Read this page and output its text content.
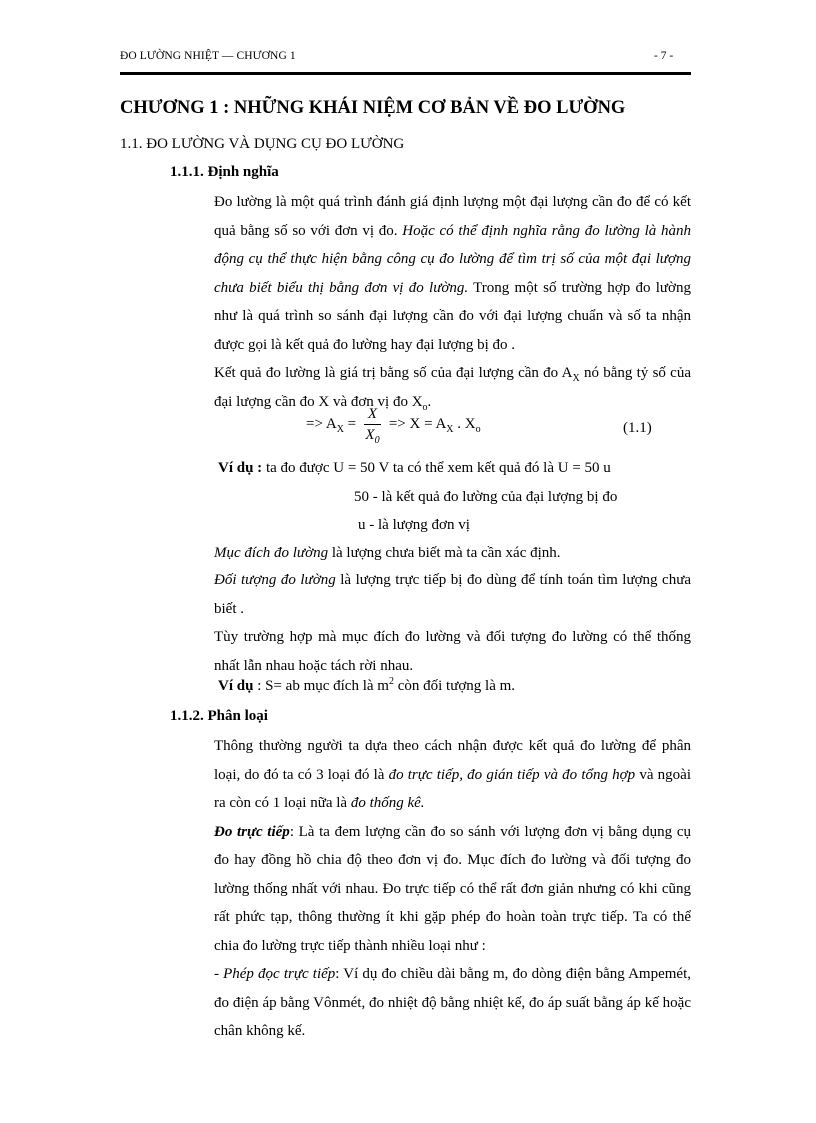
ĐO LƯỜNG NHIỆT — CHƯƠNG 1	- 7 -
CHƯƠNG 1 : NHỮNG KHÁI NIỆM CƠ BẢN VỀ ĐO LƯỜNG
1.1. ĐO LƯỜNG VÀ DỤNG CỤ ĐO LƯỜNG
1.1.1. Định nghĩa

Đo lường là một quá trình đánh giá định lượng một đại lượng cần đo để có kết quả bằng số so với đơn vị đo. Hoặc có thể định nghĩa rằng đo lường là hành động cụ thể thực hiện bằng công cụ đo lường để tìm trị số của một đại lượng chưa biết biểu thị bằng đơn vị đo lường. Trong một số trường hợp đo lường như là quá trình so sánh đại lượng cần đo với đại lượng chuẩn và số ta nhận được gọi là kết quả đo lường hay đại lượng bị đo .

Kết quả đo lường là giá trị bằng số của đại lượng cần đo $A_X$ nó bằng tỷ số của đại lượng cần đo X và đơn vị đo $X_o$.

=> $A_X = \frac{X}{X_0} => X = A_X$ . $X_o$	(1.1)
Ví dụ : ta đo được U = 50 V ta có thể xem kết quả đó là U = 50 u
50 - là kết quả đo lường của đại lượng bị đo
u - là lượng đơn vị
Mục đích đo lường là lượng chưa biết mà ta cần xác định.

Đối tượng đo lường là lượng trực tiếp bị đo dùng để tính toán tìm lượng chưa biết .

Tùy trường hợp mà mục đích đo lường và đối tượng đo lường có thể thống nhất lẫn nhau hoặc tách rời nhau.

Ví dụ : S= ab mục đích là $m^2$ còn đối tượng là m.
1.1.2. Phân loại

Thông thường người ta dựa theo cách nhận được kết quả đo lường để phân loại, do đó ta có 3 loại đó là đo trực tiếp, đo gián tiếp và đo tổng hợp và ngoài ra còn có 1 loại nữa là đo thống kê.

Đo trực tiếp: Là ta đem lượng cần đo so sánh với lượng đơn vị bằng dụng cụ đo hay đồng hồ chia độ theo đơn vị đo. Mục đích đo lường và đối tượng đo lường thống nhất với nhau. Đo trực tiếp có thể rất đơn giản nhưng có khi cũng rất phức tạp, thông thường ít khi gặp phép đo hoàn toàn trực tiếp. Ta có thể chia đo lường trực tiếp thành nhiều loại như :

- Phép đọc trực tiếp: Ví dụ đo chiều dài bằng m, đo dòng điện bằng Ampemét, đo điện áp bằng Vônmét, đo nhiệt độ bằng nhiệt kế, đo áp suất bằng áp kế hoặc chân không kế.
